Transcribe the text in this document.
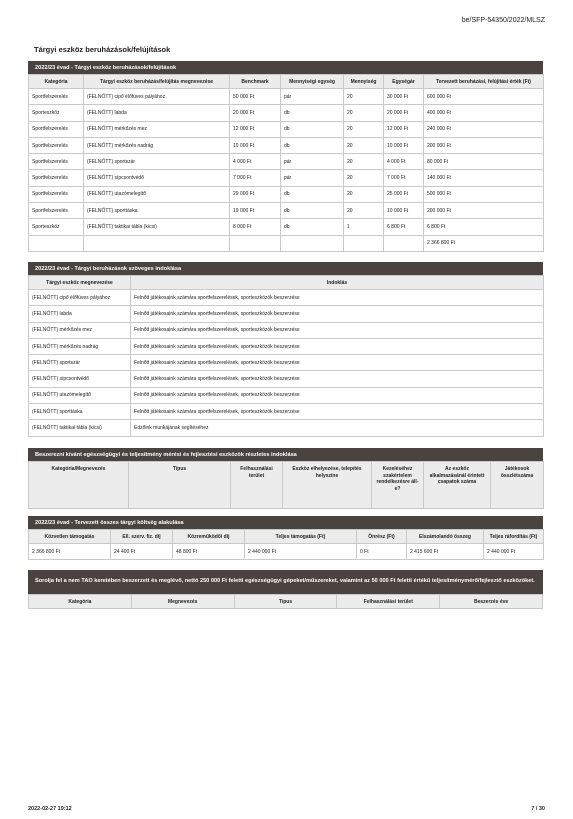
be/SFP-54350/2022/MLSZ
Tárgyi eszköz beruházások/felújítások
2022/23 évad - Tárgyi eszköz beruházások/felújítások
Kategória	Tárgyi eszköz beruházás/felújítás megnevezése	Benchmark	Mennyiségi egység	Mennyiség	Egységár	Tervezett beruházási, felújítási érték (Ft)
Sportfelszerelés	(FELNŐTT) cipő élőfüves pályához	50 000 Ft	pár	20	30 000 Ft	600 000 Ft
Sporteszköz	(FELNŐTT) labda	20 000 Ft	db	20	20 000 Ft	400 000 Ft
Sportfelszerelés	(FELNŐTT) mérkőzés mez	12 000 Ft	db	20	12 000 Ft	240 000 Ft
Sportfelszerelés	(FELNŐTT) mérkőzés nadrág	10 000 Ft	db	20	10 000 Ft	200 000 Ft
Sportfelszerelés	(FELNŐTT) sportszár	4 000 Ft	pár	20	4 000 Ft	80 000 Ft
Sportfelszerelés	(FELNŐTT) sípcsontvédő	7 000 Ft	pár	20	7 000 Ft	140 000 Ft
Sportfelszerelés	(FELNŐTT) utazómelegítő	29 000 Ft	db	20	25 000 Ft	500 000 Ft
Sportfelszerelés	(FELNŐTT) sporttáska	19 000 Ft	db	20	10 000 Ft	200 000 Ft
Sporteszköz	(FELNŐTT) taktikai tábla (kicsi)	8 000 Ft	db	1	6 800 Ft	6 800 Ft
						2 366 800 Ft
2022/23 évad - Tárgyi beruházások szöveges indoklása
Tárgyi eszköz megnevezése	Indoklás
(FELNŐTT) cipő élőfüves pályához	Felnőtt játékosaink számára sportfelszerelések, sporteszközök beszerzése
(FELNŐTT) labda	Felnőtt játékosaink számára sportfelszerelések, sporteszközök beszerzése
(FELNŐTT) mérkőzés mez	Felnőtt játékosaink számára sportfelszerelések, sporteszközök beszerzése
(FELNŐTT) mérkőzés nadrág	Felnőtt játékosaink számára sportfelszerelések, sporteszközök beszerzése
(FELNŐTT) sportszár	Felnőtt játékosaink számára sportfelszerelések, sporteszközök beszerzése
(FELNŐTT) sípcsontvédő	Felnőtt játékosaink számára sportfelszerelések, sporteszközök beszerzése
(FELNŐTT) utazómelegítő	Felnőtt játékosaink számára sportfelszerelések, sporteszközök beszerzése
(FELNŐTT) sporttáska	Felnőtt játékosaink számára sportfelszerelések, sporteszközök beszerzése
(FELNŐTT) taktikai tábla (kicsi)	Edzőink munkájának segítéséhez
Beszerezni kívánt egészségügyi és teljesítmény mérési és fejlesztési eszközök részletes indoklása
Kategória/Megnevezés	Típus	Felhasználási terület	Eszköz elhelyezése, telepítés helyszíne	Kezeléséhez szakértelem rendelkezésre áll-e?	Az eszköz alkalmazásánál érintett csapatok száma	Játékosok összlétszáma
2022/23 évad - Tervezett összes tárgyi költség alakulása
Közvetlen támogatás	Ell. szerv. fiz. díj	Közreműködői díj	Teljes támogatás (Ft)	Önrész (Ft)	Elszámolandó összeg	Teljes ráfordítás (Ft)
2 366 800 Ft	24 400 Ft	48 800 Ft	2 440 000 Ft	0 Ft	2 415 600 Ft	2 440 000 Ft
Sorolja fel a nem TAO keretében beszerzett és meglévő, nettó 250 000 Ft feletti egészségügyi gépeket/műszereket, valamint az 50 000 Ft feletti értékű teljesítménymérő/fejlesztő eszközöket.
Kategória	Megnevezés	Típus	Felhasználási terület	Beszerzés éve
2022-02-27 19:12	7 / 30
